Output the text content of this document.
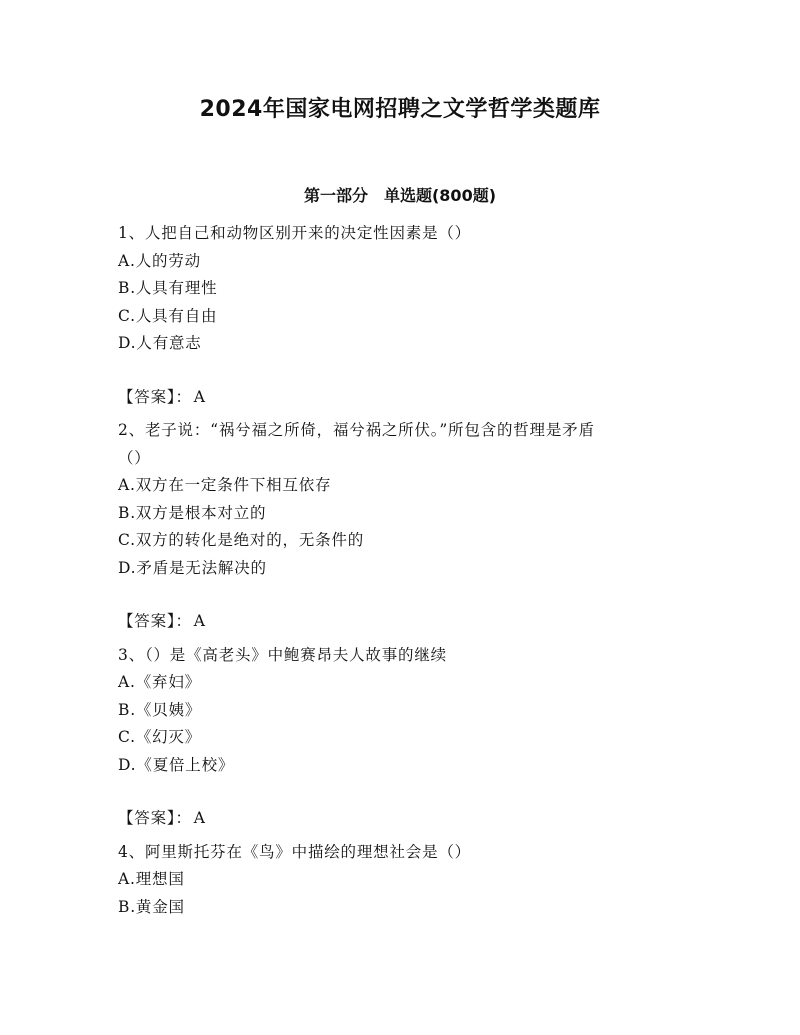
2024年国家电网招聘之文学哲学类题库
第一部分　单选题(800题)
1、人把自己和动物区别开来的决定性因素是（）
A.人的劳动
B.人具有理性
C.人具有自由
D.人有意志
【答案】： A
2、老子说：“祸兮福之所倚，福兮祸之所伏。”所包含的哲理是矛盾
（）
A.双方在一定条件下相互依存
B.双方是根本对立的
C.双方的转化是绝对的，无条件的
D.矛盾是无法解决的
【答案】： A
3、（）是《高老头》中鲍赛昂夫人故事的继续
A.《弃妇》
B.《贝姨》
C.《幻灭》
D.《夏倍上校》
【答案】： A
4、阿里斯托芬在《鸟》中描绘的理想社会是（）
A.理想国
B.黄金国
